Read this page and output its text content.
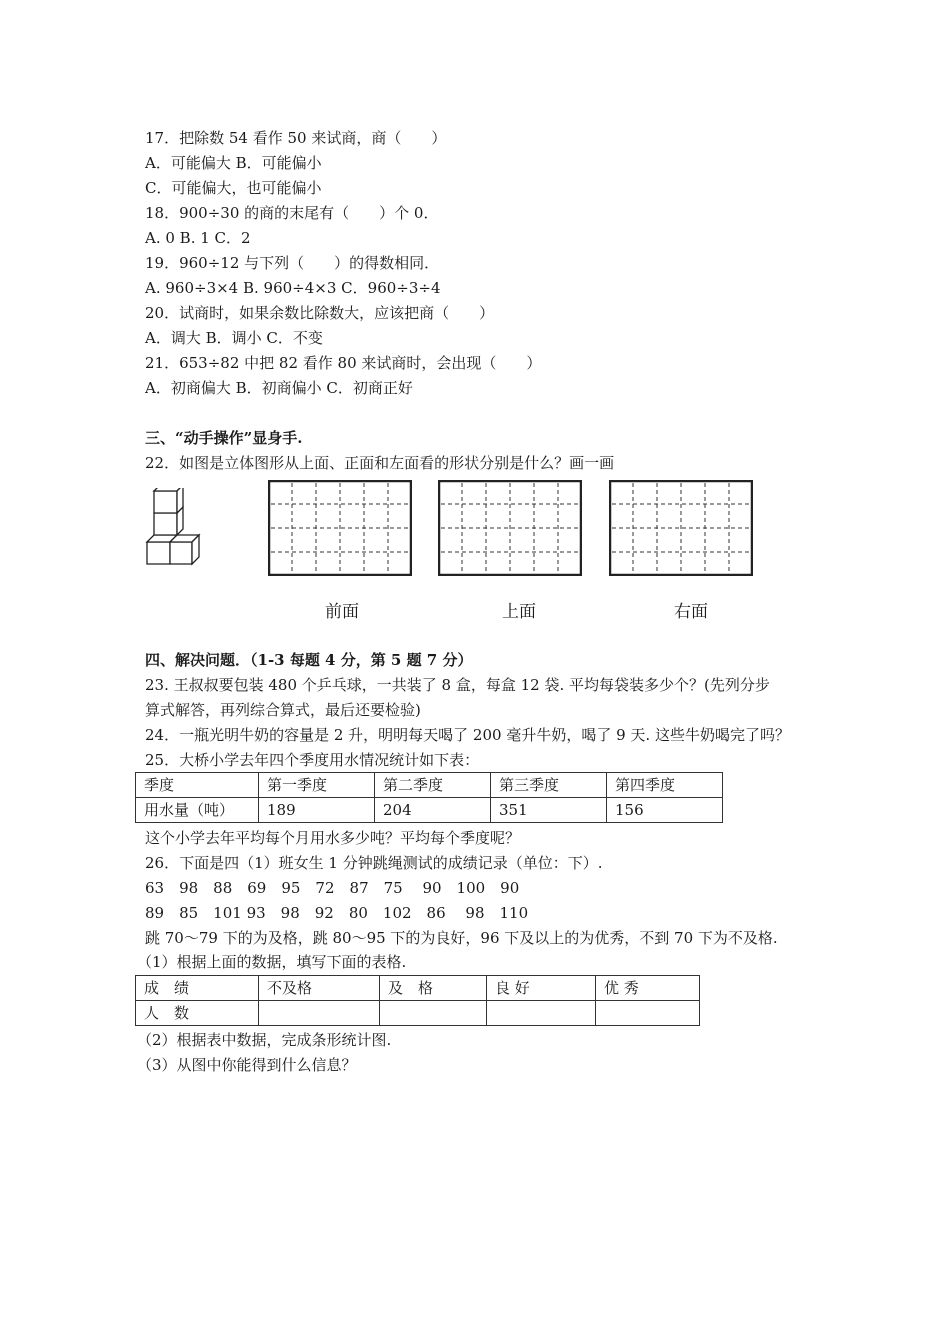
17．把除数 54 看作 50 来试商，商（　　）
A．可能偏大 B．可能偏小
C．可能偏大，也可能偏小
18．900÷30 的商的末尾有（　　）个 0．
A. 0 B. 1 C．2
19．960÷12 与下列（　　）的得数相同．
A. 960÷3×4 B. 960÷4×3 C．960÷3÷4
20．试商时，如果余数比除数大，应该把商（　　）
A．调大 B．调小 C．不变
21．653÷82 中把 82 看作 80 来试商时，会出现（　　）
A．初商偏大 B．初商偏小 C．初商正好
三、“动手操作”显身手.
22．如图是立体图形从上面、正面和左面看的形状分别是什么？画一画
前面	上面	右面
四、解决问题．（1-3 每题 4 分，第 5 题 7 分）
23. 王叔叔要包装 480 个乒乓球，一共装了 8 盒，每盒 12 袋. 平均每袋装多少个？(先列分步
算式解答，再列综合算式，最后还要检验)
24．一瓶光明牛奶的容量是 2 升，明明每天喝了 200 毫升牛奶，喝了 9 天. 这些牛奶喝完了吗？
25．大桥小学去年四个季度用水情况统计如下表：
季度	第一季度	第二季度	第三季度	第四季度
用水量（吨）	189	204	351	156
这个小学去年平均每个月用水多少吨？平均每个季度呢？
26．下面是四（1）班女生 1 分钟跳绳测试的成绩记录（单位：下）.
63　98　88　69　95　72　87　75　 90　100　90
89　85　101 93　98　92　80　102　86　 98　110
跳 70～79 下的为及格，跳 80～95 下的为良好，96 下及以上的为优秀，不到 70 下为不及格.
（1）根据上面的数据，填写下面的表格.
成　绩	不及格	及　格	良 好	优 秀
人　数				
（2）根据表中数据，完成条形统计图.
（3）从图中你能得到什么信息？
